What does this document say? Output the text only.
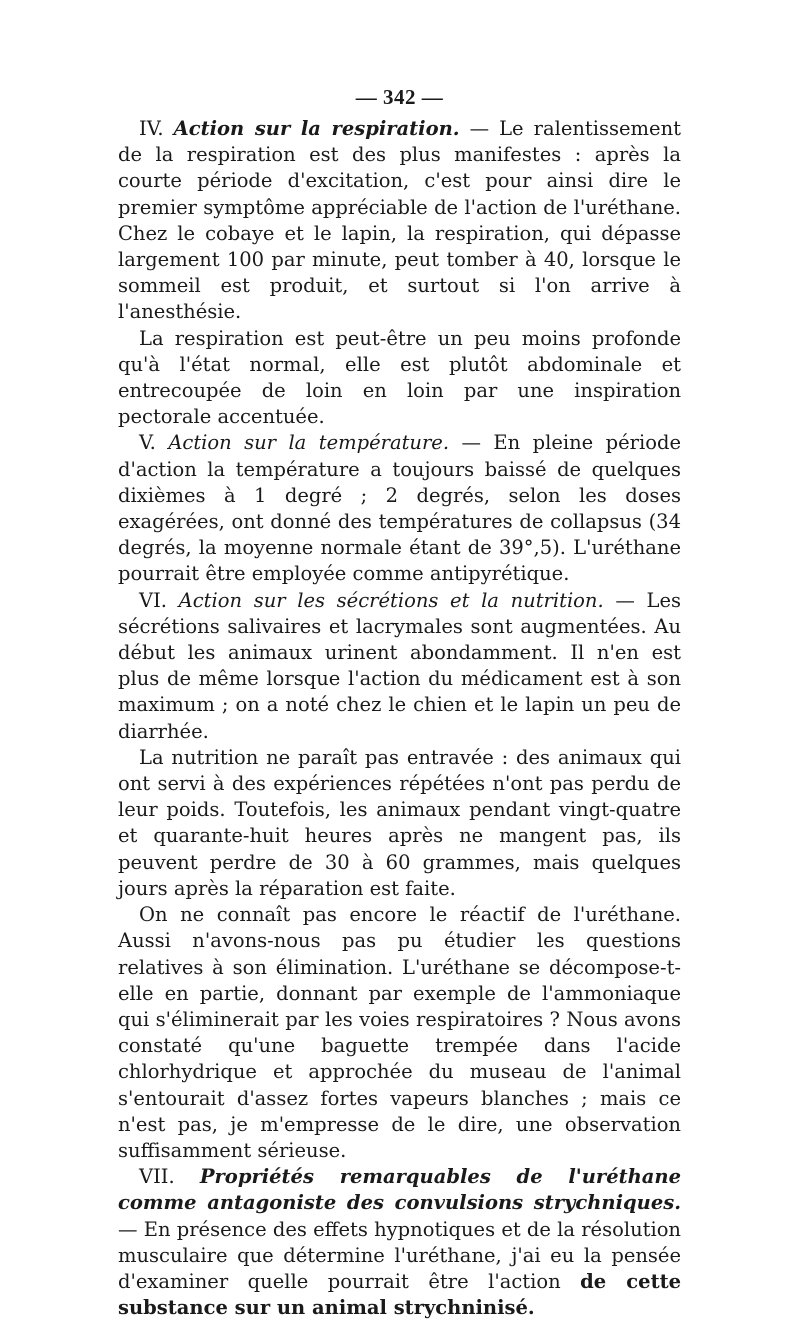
— 342 —

IV. Action sur la respiration. — Le ralentissement de la respiration est des plus manifestes : après la courte période d'excitation, c'est pour ainsi dire le premier symptôme appréciable de l'action de l'uréthane. Chez le cobaye et le lapin, la respiration, qui dépasse largement 100 par minute, peut tomber à 40, lorsque le sommeil est produit, et surtout si l'on arrive à l'anesthésie.

La respiration est peut-être un peu moins profonde qu'à l'état normal, elle est plutôt abdominale et entrecoupée de loin en loin par une inspiration pectorale accentuée.

V. Action sur la température. — En pleine période d'action la température a toujours baissé de quelques dixièmes à 1 degré ; 2 degrés, selon les doses exagérées, ont donné des températures de collapsus (34 degrés, la moyenne normale étant de 39°,5). L'uréthane pourrait être employée comme antipyrétique.

VI. Action sur les sécrétions et la nutrition. — Les sécrétions salivaires et lacrymales sont augmentées. Au début les animaux urinent abondamment. Il n'en est plus de même lorsque l'action du médicament est à son maximum ; on a noté chez le chien et le lapin un peu de diarrhée.

La nutrition ne paraît pas entravée : des animaux qui ont servi à des expériences répétées n'ont pas perdu de leur poids. Toutefois, les animaux pendant vingt-quatre et quarante-huit heures après ne mangent pas, ils peuvent perdre de 30 à 60 grammes, mais quelques jours après la réparation est faite.

On ne connaît pas encore le réactif de l'uréthane. Aussi n'avons-nous pas pu étudier les questions relatives à son élimination. L'uréthane se décompose-t-elle en partie, donnant par exemple de l'ammoniaque qui s'éliminerait par les voies respiratoires ? Nous avons constaté qu'une baguette trempée dans l'acide chlorhydrique et approchée du museau de l'animal s'entourait d'assez fortes vapeurs blanches ; mais ce n'est pas, je m'empresse de le dire, une observation suffisamment sérieuse.

VII. Propriétés remarquables de l'uréthane comme antagoniste des convulsions strychniques. — En présence des effets hypnotiques et de la résolution musculaire que détermine l'uréthane, j'ai eu la pensée d'examiner quelle pourrait être l'action de cette substance sur un animal strychninisé.
